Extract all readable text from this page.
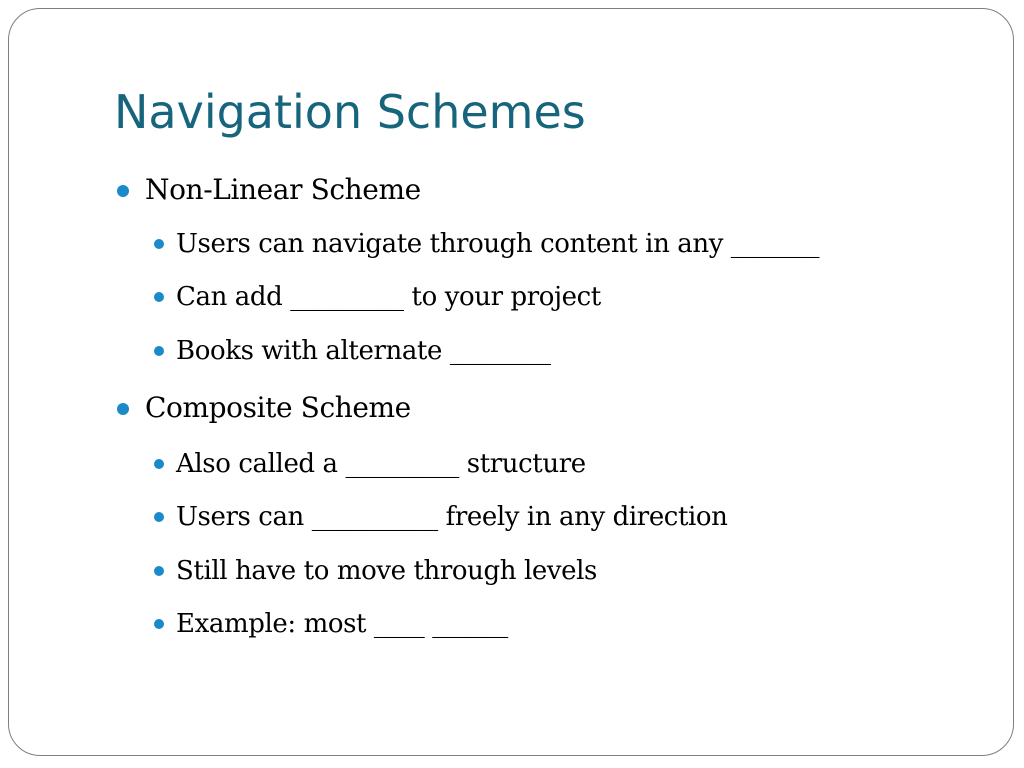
Navigation Schemes
Non-Linear Scheme
Users can navigate through content in any _______
Can add _________ to your project
Books with alternate ________
Composite Scheme
Also called a _________ structure
Users can __________ freely in any direction
Still have to move through levels
Example: most ____ ______
